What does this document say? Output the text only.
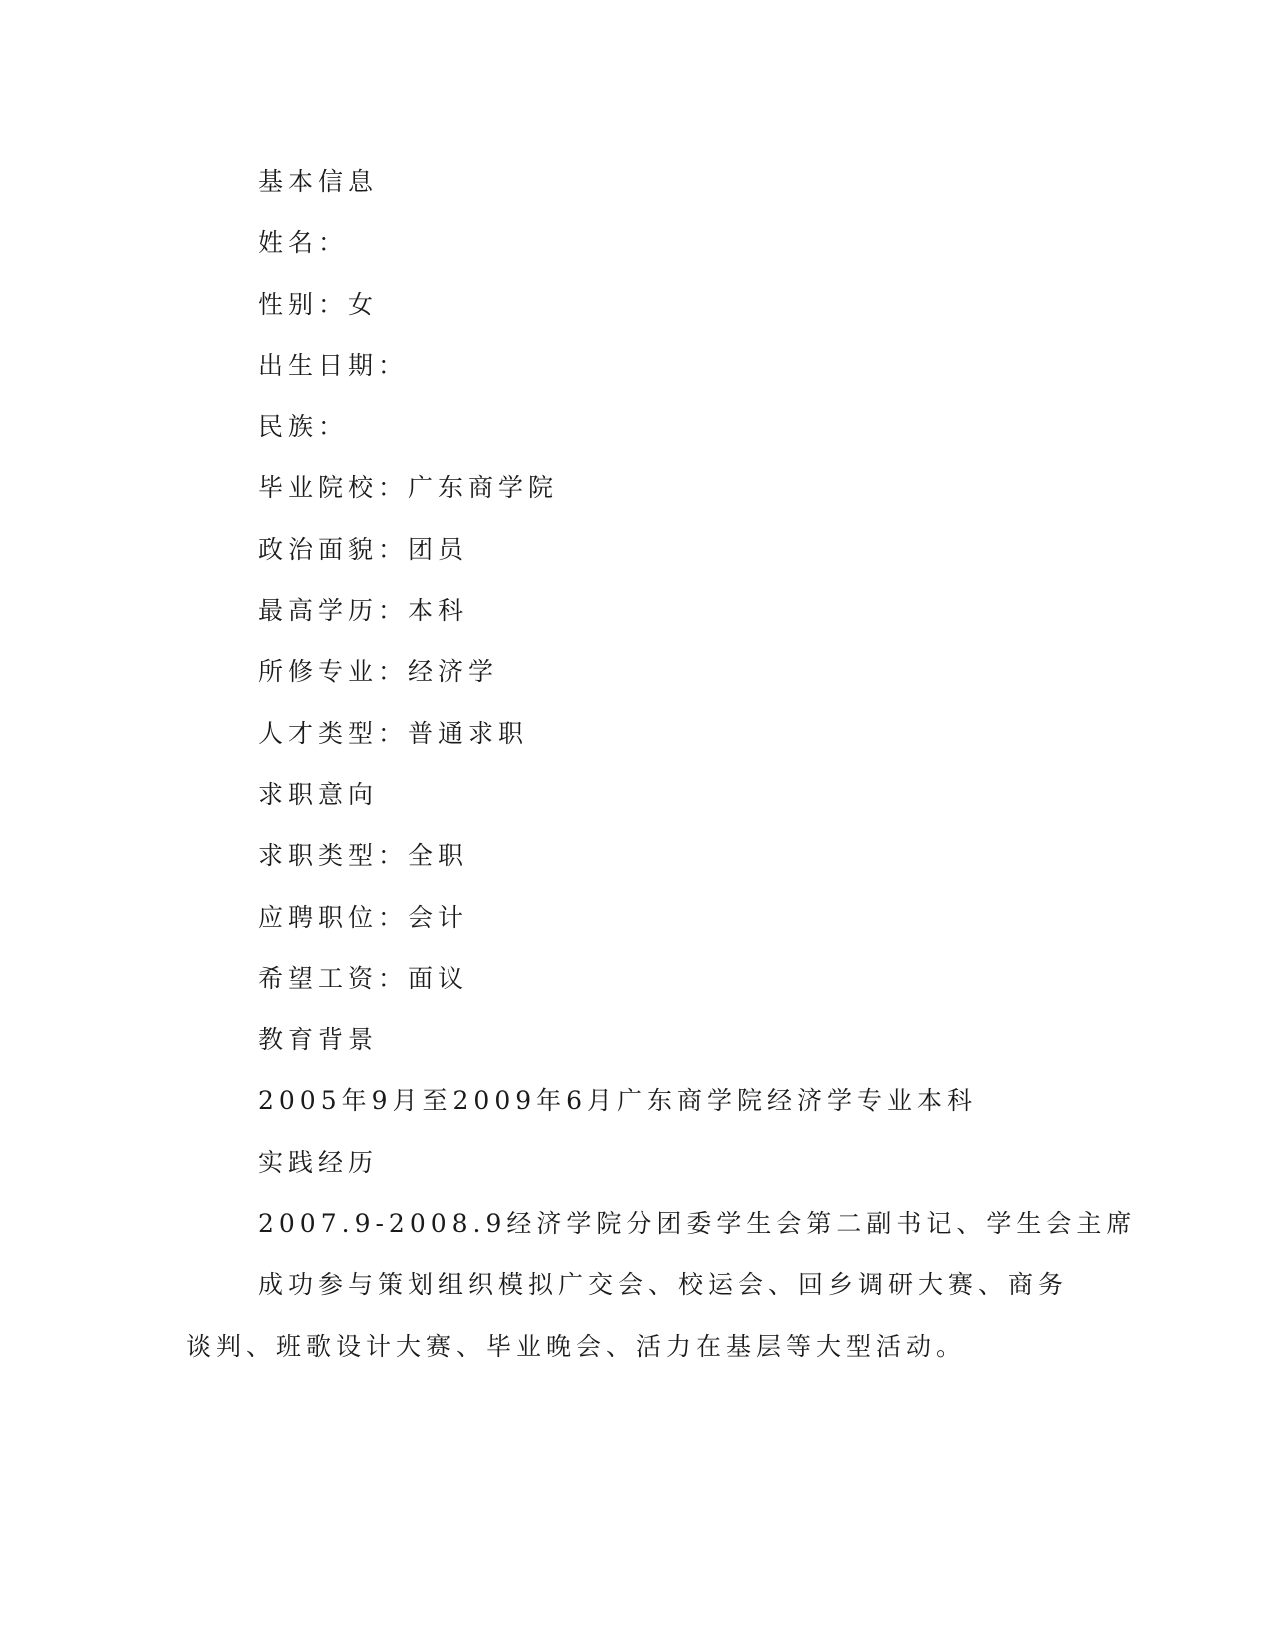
基本信息
姓名：
性别：女
出生日期：
民族：
毕业院校：广东商学院
政治面貌：团员
最高学历：本科
所修专业：经济学
人才类型：普通求职
求职意向
求职类型：全职
应聘职位：会计
希望工资：面议
教育背景
2005年9月至2009年6月广东商学院经济学专业本科
实践经历
2007.9-2008.9经济学院分团委学生会第二副书记、学生会主席
成功参与策划组织模拟广交会、校运会、回乡调研大赛、商务谈判、班歌设计大赛、毕业晚会、活力在基层等大型活动。
